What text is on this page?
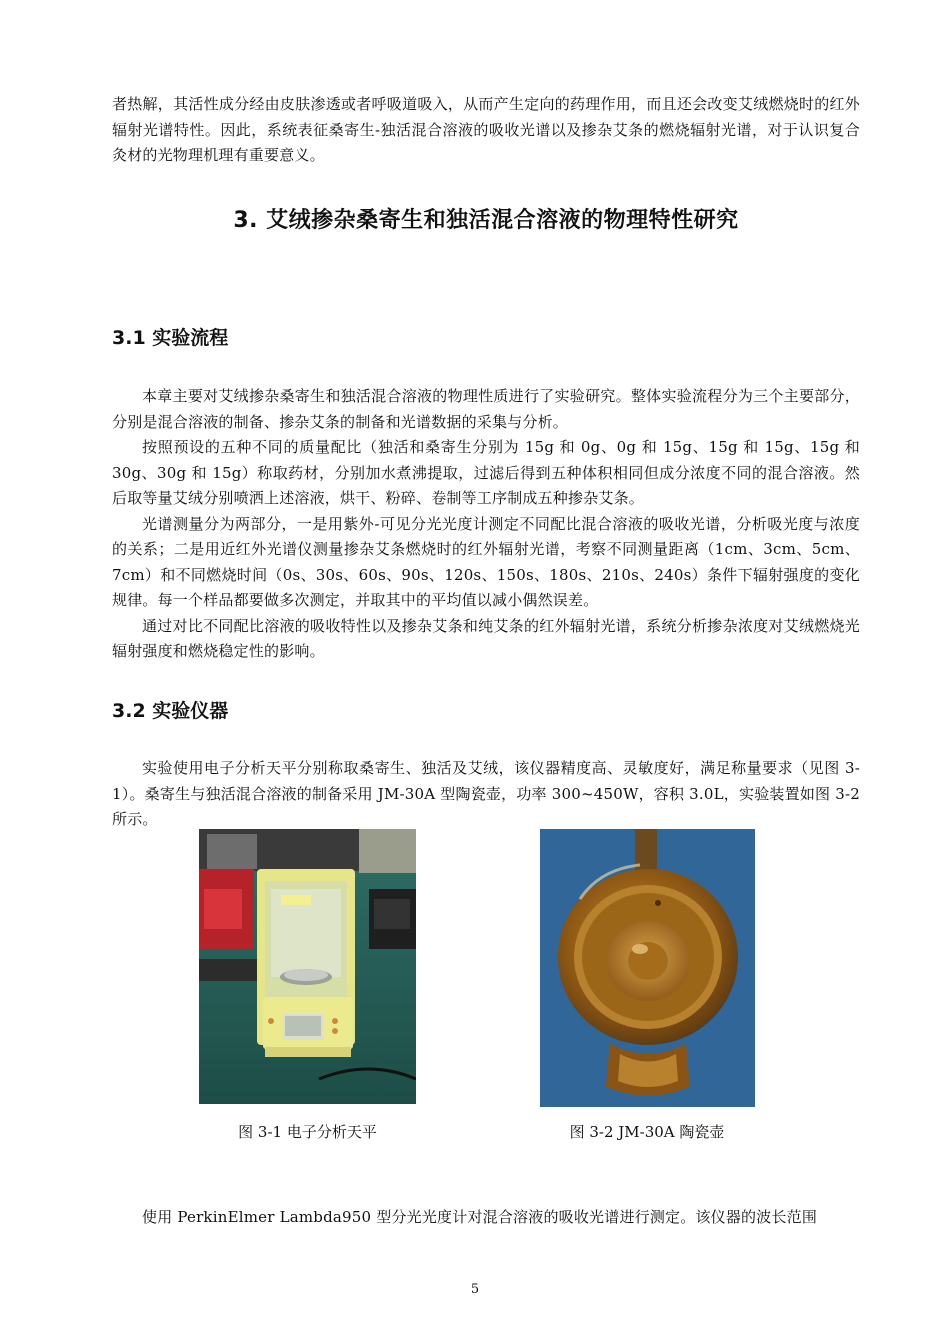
者热解，其活性成分经由皮肤渗透或者呼吸道吸入，从而产生定向的药理作用，而且还会改变艾绒燃烧时的红外辐射光谱特性。因此，系统表征桑寄生-独活混合溶液的吸收光谱以及掺杂艾条的燃烧辐射光谱，对于认识复合灸材的光物理机理有重要意义。

3. 艾绒掺杂桑寄生和独活混合溶液的物理特性研究
3.1 实验流程

本章主要对艾绒掺杂桑寄生和独活混合溶液的物理性质进行了实验研究。整体实验流程分为三个主要部分，分别是混合溶液的制备、掺杂艾条的制备和光谱数据的采集与分析。

按照预设的五种不同的质量配比（独活和桑寄生分别为 15g 和 0g、0g 和 15g、15g 和 15g、15g 和 30g、30g 和 15g）称取药材，分别加水煮沸提取，过滤后得到五种体积相同但成分浓度不同的混合溶液。然后取等量艾绒分别喷洒上述溶液，烘干、粉碎、卷制等工序制成五种掺杂艾条。

光谱测量分为两部分，一是用紫外-可见分光光度计测定不同配比混合溶液的吸收光谱，分析吸光度与浓度的关系；二是用近红外光谱仪测量掺杂艾条燃烧时的红外辐射光谱，考察不同测量距离（1cm、3cm、5cm、7cm）和不同燃烧时间（0s、30s、60s、90s、120s、150s、180s、210s、240s）条件下辐射强度的变化规律。每一个样品都要做多次测定，并取其中的平均值以减小偶然误差。

通过对比不同配比溶液的吸收特性以及掺杂艾条和纯艾条的红外辐射光谱，系统分析掺杂浓度对艾绒燃烧光辐射强度和燃烧稳定性的影响。

3.2 实验仪器

实验使用电子分析天平分别称取桑寄生、独活及艾绒，该仪器精度高、灵敏度好，满足称量要求（见图 3-1）。桑寄生与独活混合溶液的制备采用 JM-30A 型陶瓷壶，功率 300~450W，容积 3.0L，实验装置如图 3-2 所示。

使用 PerkinElmer Lambda950 型分光光度计对混合溶液的吸收光谱进行测定。该仪器的波长范围

图 3-1 电子分析天平	图 3-2 JM-30A 陶瓷壶
5
